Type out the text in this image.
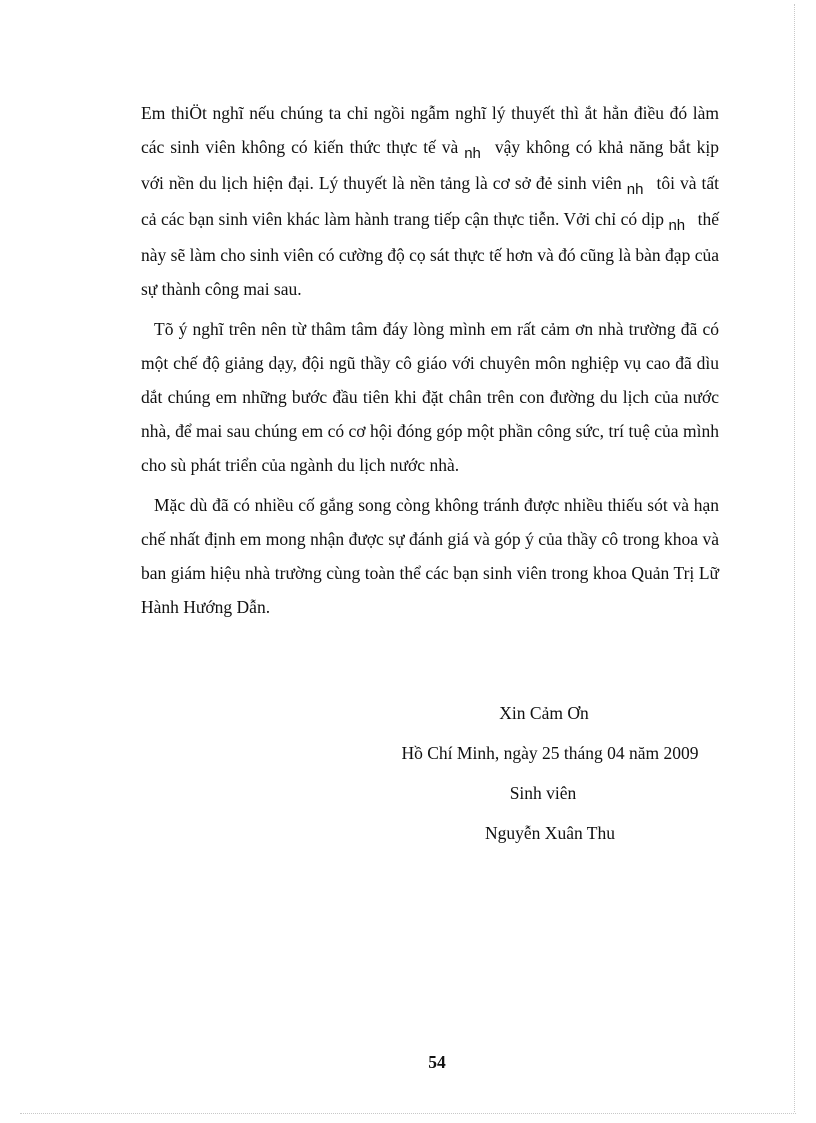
Em thiÖt nghĩ nếu chúng ta chỉ ngồi ngẫm nghĩ lý thuyết thì ắt hẳn điều đó làm các sinh viên không có kiến thức thực tế và nh vậy không có khả năng bắt kịp với nền du lịch hiện đại. Lý thuyết là nền tảng là cơ sở đẻ sinh viên nh tôi và tất cả các bạn sinh viên khác làm hành trang tiếp cận thực tiễn. Vởi chỉ có dịp nh thế này sẽ làm cho sinh viên có cường độ cọ sát thực tế hơn và đó cũng là bàn đạp của sự thành công mai sau.

Tõ ý nghĩ trên nên từ thâm tâm đáy lòng mình em rất cảm ơn nhà trường đã có một chế độ giảng dạy, đội ngũ thầy cô giáo với chuyên môn nghiệp vụ cao đã dìu dắt chúng em những bước đầu tiên khi đặt chân trên con đường du lịch của nước nhà, để mai sau chúng em có cơ hội đóng góp một phần công sức, trí tuệ của mình cho sù phát triển của ngành du lịch nước nhà.

Mặc dù đã có nhiều cố gắng song còng không tránh được nhiều thiếu sót và hạn chế nhất định em mong nhận được sự đánh giá và góp ý của thầy cô trong khoa và ban giám hiệu nhà trường cùng toàn thể các bạn sinh viên trong khoa Quản Trị Lữ Hành Hướng Dẫn.

Xin Cảm Ơn
Hồ Chí Minh, ngày 25 tháng 04 năm 2009
Sinh viên
Nguyễn Xuân Thu
54
